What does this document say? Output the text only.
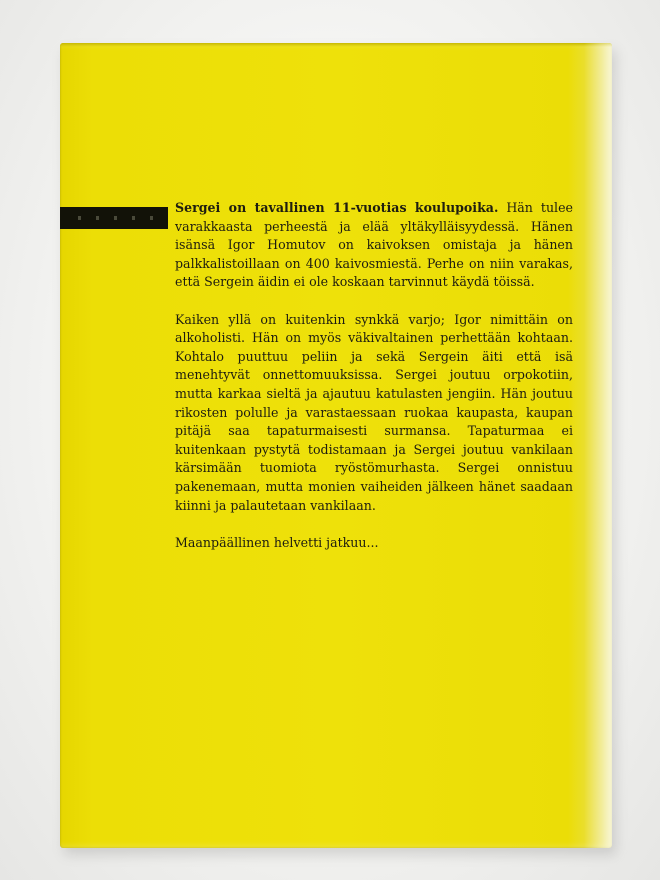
Sergei on tavallinen 11-vuotias koulupoika. Hän tulee varakkaasta perheestä ja elää yltäkylläisyydessä. Hänen isänsä Igor Homutov on kaivoksen omistaja ja hänen palkkalistoillaan on 400 kaivosmiestä. Perhe on niin varakas, että Sergein äidin ei ole koskaan tarvinnut käydä töissä.

Kaiken yllä on kuitenkin synkkä varjo; Igor nimittäin on alkoholisti. Hän on myös väkivaltainen perhettään kohtaan. Kohtalo puuttuu peliin ja sekä Sergein äiti että isä menehtyvät onnettomuuksissa. Sergei joutuu orpokotiin, mutta karkaa sieltä ja ajautuu katulasten jengiin. Hän joutuu rikosten polulle ja varastaessaan ruokaa kaupasta, kaupan pitäjä saa tapaturmaisesti surmansa. Tapaturmaa ei kuitenkaan pystytä todistamaan ja Sergei joutuu vankilaan kärsimään tuomiota ryöstömurhasta. Sergei onnistuu pakenemaan, mutta monien vaiheiden jälkeen hänet saadaan kiinni ja palautetaan vankilaan.

Maanpäällinen helvetti jatkuu...
